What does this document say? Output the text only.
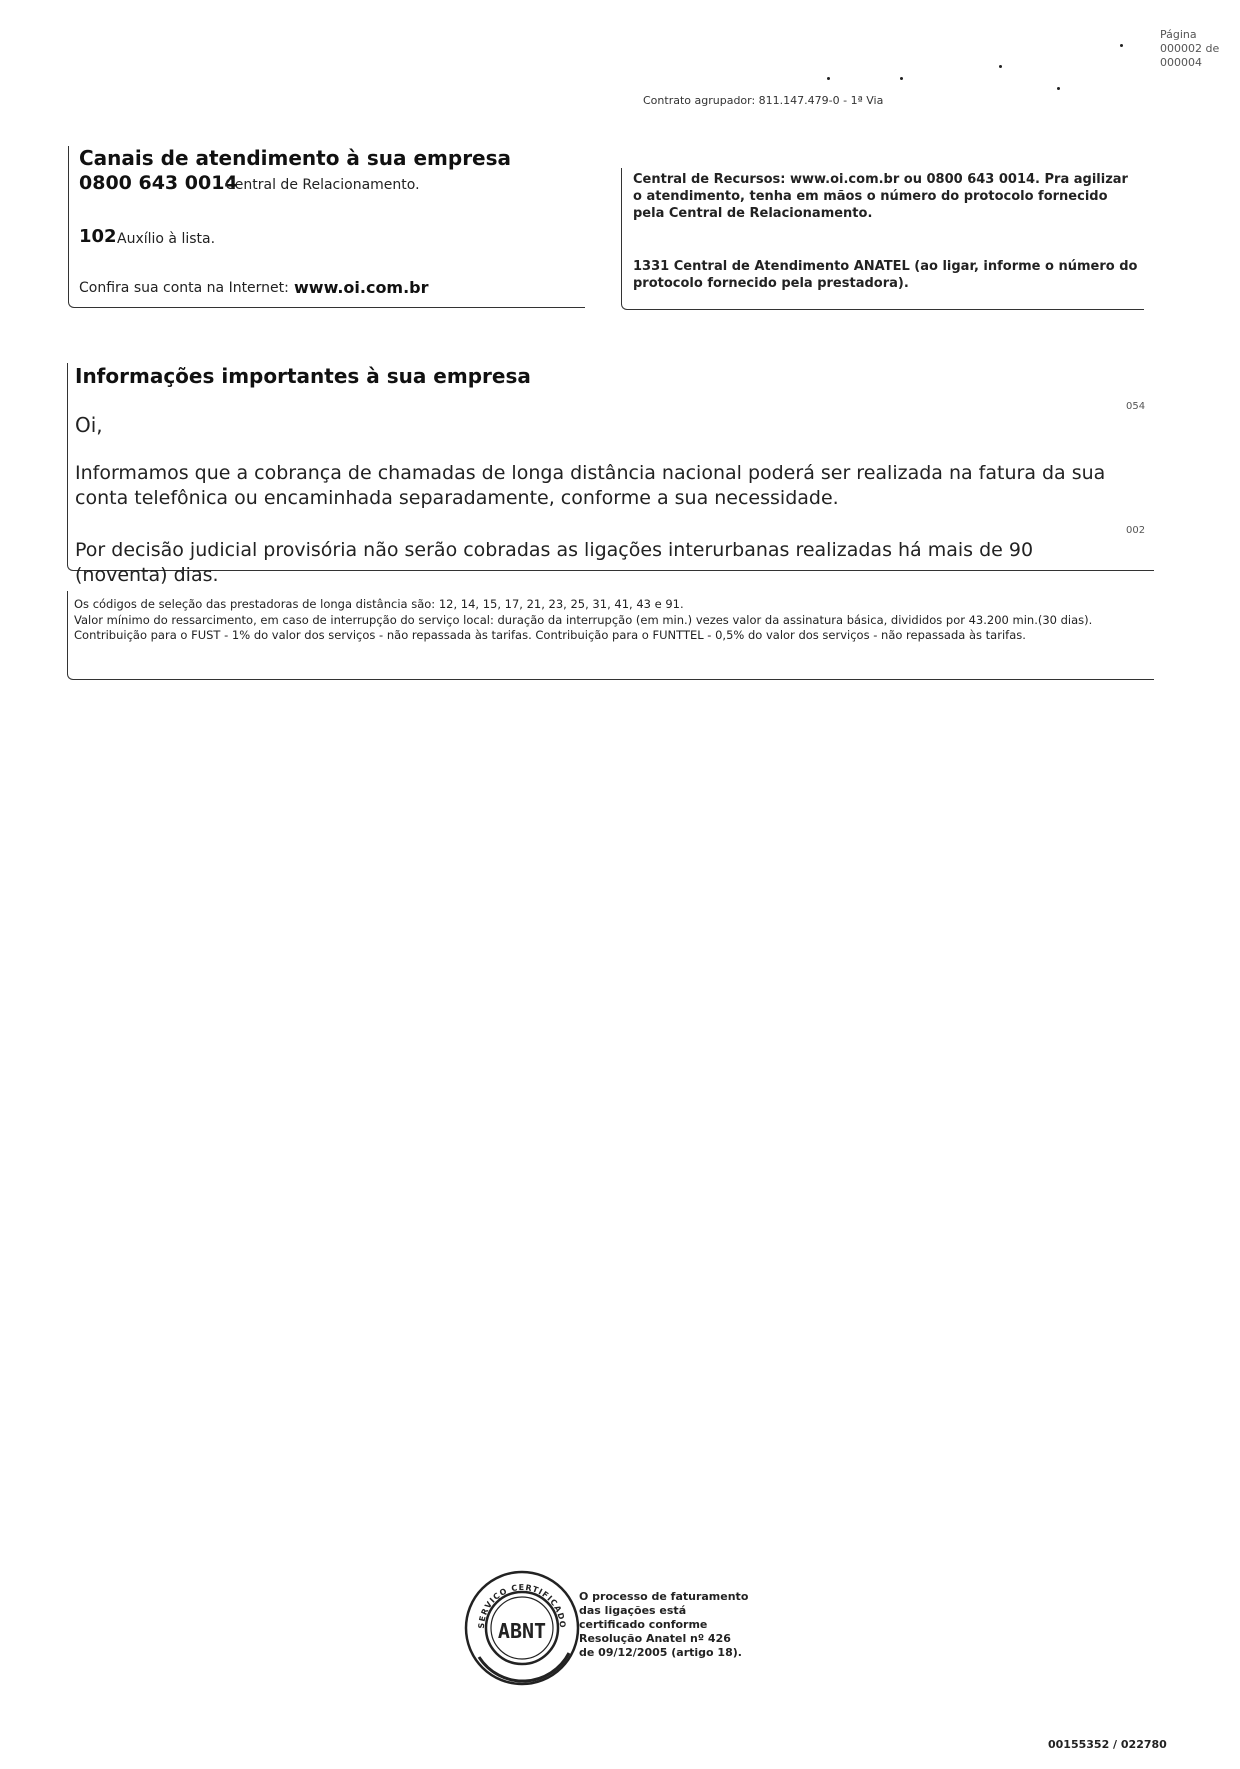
Página
000002 de
000004
Contrato agrupador: 811.147.479-0 - 1ª Via
Canais de atendimento à sua empresa
0800 643 0014
Central de Relacionamento.
102 Auxílio à lista.
Confira sua conta na Internet: www.oi.com.br
Central de Recursos: www.oi.com.br ou 0800 643 0014. Pra agilizar o atendimento, tenha em mãos o número do protocolo fornecido pela Central de Relacionamento.
1331 Central de Atendimento ANATEL (ao ligar, informe o número do protocolo fornecido pela prestadora).
Informações importantes à sua empresa
054
Oi,
Informamos que a cobrança de chamadas de longa distância nacional poderá ser realizada na fatura da sua conta telefônica ou encaminhada separadamente, conforme a sua necessidade.
002
Por decisão judicial provisória não serão cobradas as ligações interurbanas realizadas há mais de 90 (noventa) dias.
Os códigos de seleção das prestadoras de longa distância são: 12, 14, 15, 17, 21, 23, 25, 31, 41, 43 e 91.
Valor mínimo do ressarcimento, em caso de interrupção do serviço local: duração da interrupção (em min.) vezes valor da assinatura básica, divididos por 43.200 min.(30 dias).
Contribuição para o FUST - 1% do valor dos serviços - não repassada às tarifas. Contribuição para o FUNTTEL - 0,5% do valor dos serviços - não repassada às tarifas.
SERVIÇO CERTIFICADO
ABNT
O processo de faturamento das ligações está certificado conforme Resolução Anatel nº 426 de 09/12/2005 (artigo 18).
00155352 / 022780
